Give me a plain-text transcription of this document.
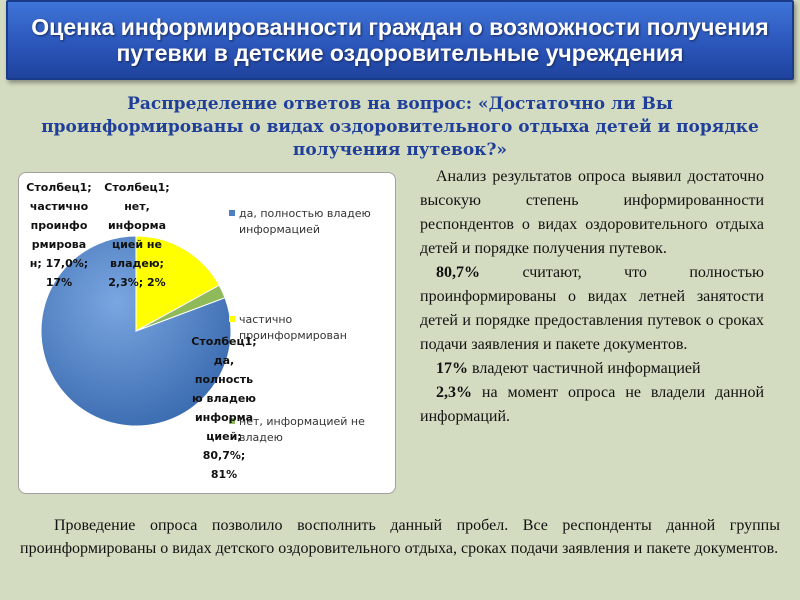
Оценка информированности граждан о возможности получения путевки в детские оздоровительные учреждения
Распределение ответов на вопрос: «Достаточно ли Вы проинформированы о видах оздоровительного отдыха детей и порядке получения путевок?»
да, полностью владею информацией
частично проинформирован
нет, информацией не владею
Столбец1; да, полность ю владею информа цией; 80,7%; 81%
Столбец1; частично проинфо рмирова н; 17,0%; 17%
Столбец1; нет, информа цией не владею; 2,3%; 2%

Анализ результатов опроса выявил достаточно высокую степень информированности респондентов о видах оздоровительного отдыха детей и порядке получения путевок.

80,7% считают, что полностью проинформированы о видах летней занятости детей и порядке предоставления путевок о сроках подачи заявления и пакете документов.

17% владеют частичной информацией

2,3% на момент опроса не владели данной информаций.

Проведение опроса позволило восполнить данный пробел. Все респонденты данной группы проинформированы о видах детского оздоровительного отдыха, сроках подачи заявления и пакете документов.
